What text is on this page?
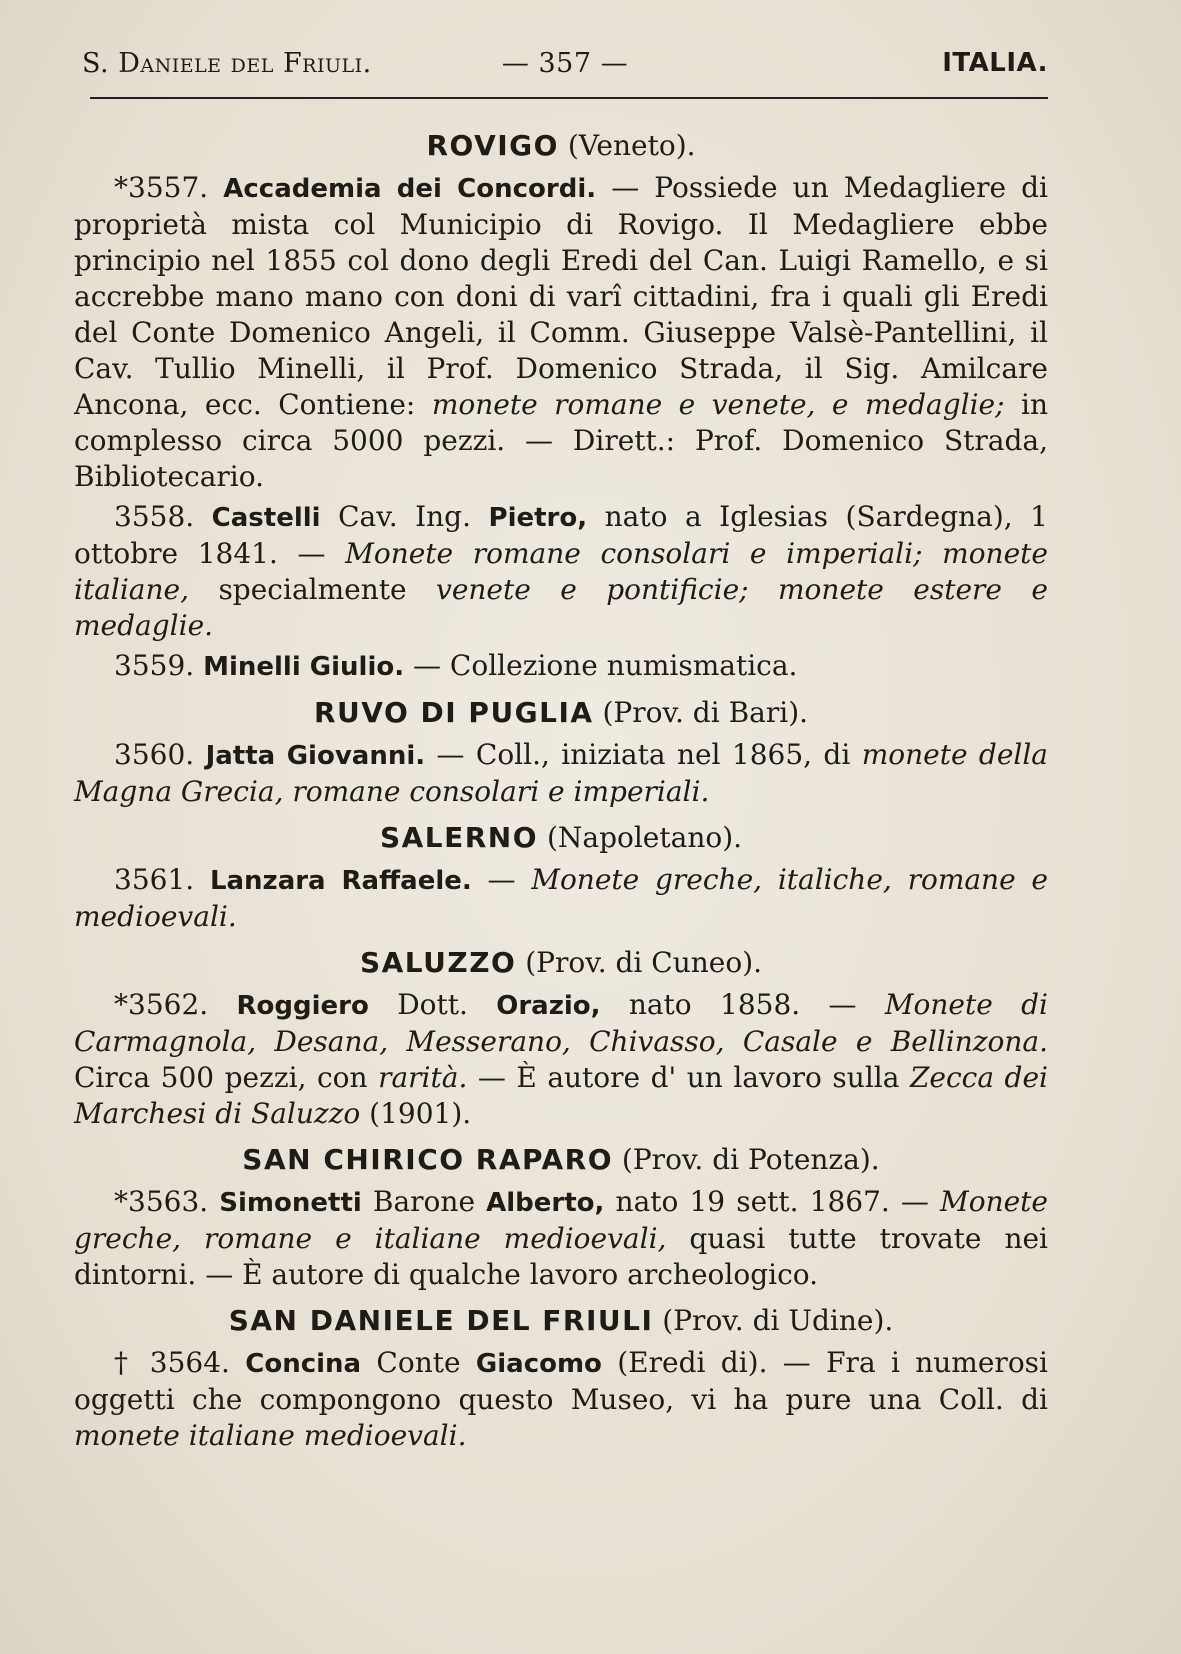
S. Daniele del Friuli.	— 357 —	ITALIA.
ROVIGO (Veneto).
*3557. Accademia dei Concordi. — Possiede un Medagliere di proprietà mista col Municipio di Rovigo. Il Medagliere ebbe principio nel 1855 col dono degli Eredi del Can. Luigi Ramello, e si accrebbe mano mano con doni di varî cittadini, fra i quali gli Eredi del Conte Domenico Angeli, il Comm. Giuseppe Valsè-Pantellini, il Cav. Tullio Minelli, il Prof. Domenico Strada, il Sig. Amilcare Ancona, ecc. Contiene: monete romane e venete, e medaglie; in complesso circa 5000 pezzi. — Dirett.: Prof. Domenico Strada, Bibliotecario.
3558. Castelli Cav. Ing. Pietro, nato a Iglesias (Sardegna), 1 ottobre 1841. — Monete romane consolari e imperiali; monete italiane, specialmente venete e pontificie; monete estere e medaglie.
3559. Minelli Giulio. — Collezione numismatica.
RUVO DI PUGLIA (Prov. di Bari).
3560. Jatta Giovanni. — Coll., iniziata nel 1865, di monete della Magna Grecia, romane consolari e imperiali.
SALERNO (Napoletano).
3561. Lanzara Raffaele. — Monete greche, italiche, romane e medioevali.
SALUZZO (Prov. di Cuneo).
*3562. Roggiero Dott. Orazio, nato 1858. — Monete di Carmagnola, Desana, Messerano, Chivasso, Casale e Bellinzona. Circa 500 pezzi, con rarità. — È autore d' un lavoro sulla Zecca dei Marchesi di Saluzzo (1901).
SAN CHIRICO RAPARO (Prov. di Potenza).
*3563. Simonetti Barone Alberto, nato 19 sett. 1867. — Monete greche, romane e italiane medioevali, quasi tutte trovate nei dintorni. — È autore di qualche lavoro archeologico.
SAN DANIELE DEL FRIULI (Prov. di Udine).
† 3564. Concina Conte Giacomo (Eredi di). — Fra i numerosi oggetti che compongono questo Museo, vi ha pure una Coll. di monete italiane medioevali.
